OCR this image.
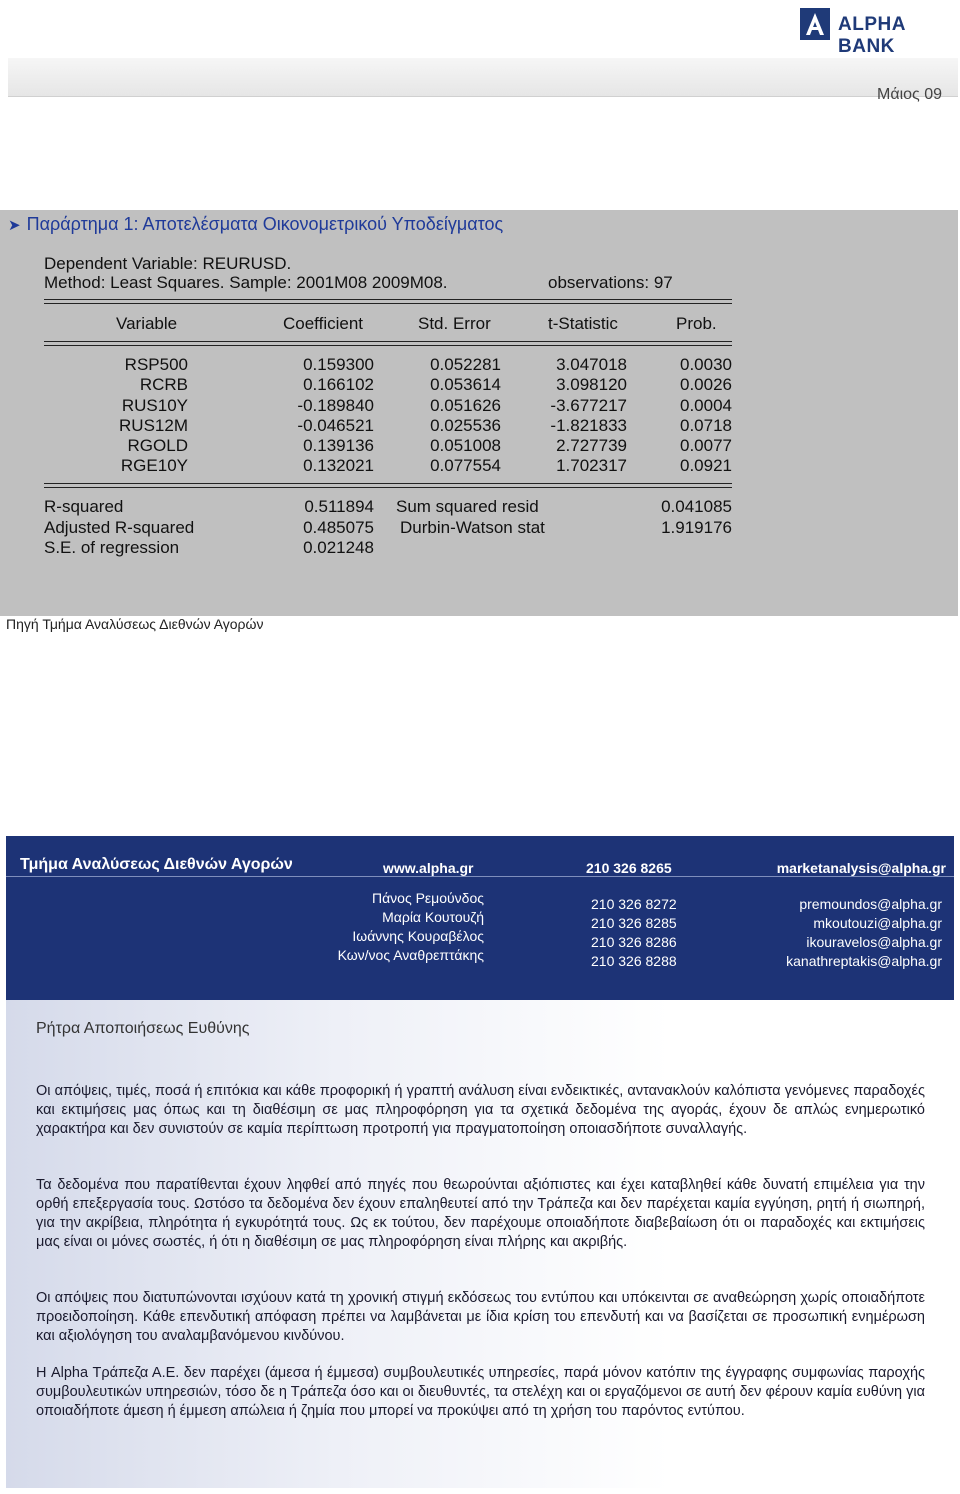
ALPHA BANK
Μάιος 09
➤ Παράρτημα 1: Αποτελέσματα Οικονομετρικού Υποδείγματος
Dependent Variable: REURUSD.
Method: Least Squares. Sample: 2001M08 2009M08.	observations: 97
Variable	Coefficient	Std. Error	t-Statistic	Prob.
RSP500	0.159300	0.052281	3.047018	0.0030
RCRB	0.166102	0.053614	3.098120	0.0026
RUS10Y	-0.189840	0.051626	-3.677217	0.0004
RUS12M	-0.046521	0.025536	-1.821833	0.0718
RGOLD	0.139136	0.051008	2.727739	0.0077
RGE10Y	0.132021	0.077554	1.702317	0.0921
R-squared	0.511894 Sum squared resid	0.041085
Adjusted R-squared	0.485075 Durbin-Watson stat	1.919176
S.E. of regression	0.021248
Πηγή Τμήμα Αναλύσεως Διεθνών Αγορών
Τμήμα Αναλύσεως Διεθνών Αγορών	www.alpha.gr	210 326 8265	marketanalysis@alpha.gr
Πάνος Ρεμούνδος	210 326 8272	premoundos@alpha.gr
Μαρία Κουτουζή	210 326 8285	mkoutouzi@alpha.gr
Ιωάννης Κουραβέλος	210 326 8286	ikouravelos@alpha.gr
Κων/νος Αναθρεπτάκης	210 326 8288	kanathreptakis@alpha.gr
Ρήτρα Αποποιήσεως Ευθύνης
Οι απόψεις, τιμές, ποσά ή επιτόκια και κάθε προφορική ή γραπτή ανάλυση είναι ενδεικτικές, αντανακλούν καλόπιστα γενόμενες παραδοχές και εκτιμήσεις μας όπως και τη διαθέσιμη σε μας πληροφόρηση για τα σχετικά δεδομένα της αγοράς, έχουν δε απλώς ενημερωτικό χαρακτήρα και δεν συνιστούν σε καμία περίπτωση προτροπή για πραγματοποίηση οποιασδήποτε συναλλαγής.
Τα δεδομένα που παρατίθενται έχουν ληφθεί από πηγές που θεωρούνται αξιόπιστες και έχει καταβληθεί κάθε δυνατή επιμέλεια για την ορθή επεξεργασία τους. Ωστόσο τα δεδομένα δεν έχουν επαληθευτεί από την Τράπεζα και δεν παρέχεται καμία εγγύηση, ρητή ή σιωπηρή, για την ακρίβεια, πληρότητα ή εγκυρότητά τους. Ως εκ τούτου, δεν παρέχουμε οποιαδήποτε διαβεβαίωση ότι οι παραδοχές και εκτιμήσεις μας είναι οι μόνες σωστές, ή ότι η διαθέσιμη σε μας πληροφόρηση είναι πλήρης και ακριβής.
Οι απόψεις που διατυπώνονται ισχύουν κατά τη χρονική στιγμή εκδόσεως του εντύπου και υπόκεινται σε αναθεώρηση χωρίς οποιαδήποτε προειδοποίηση. Κάθε επενδυτική απόφαση πρέπει να λαμβάνεται με ίδια κρίση του επενδυτή και να βασίζεται σε προσωπική ενημέρωση και αξιολόγηση του αναλαμβανόμενου κινδύνου.
Η Alpha Τράπεζα Α.Ε. δεν παρέχει (άμεσα ή έμμεσα) συμβουλευτικές υπηρεσίες, παρά μόνον κατόπιν της έγγραφης συμφωνίας παροχής συμβουλευτικών υπηρεσιών, τόσο δε η Τράπεζα όσο και οι διευθυντές, τα στελέχη και οι εργαζόμενοι σε αυτή δεν φέρουν καμία ευθύνη για οποιαδήποτε άμεση ή έμμεση απώλεια ή ζημία που μπορεί να προκύψει από τη χρήση του παρόντος εντύπου.
